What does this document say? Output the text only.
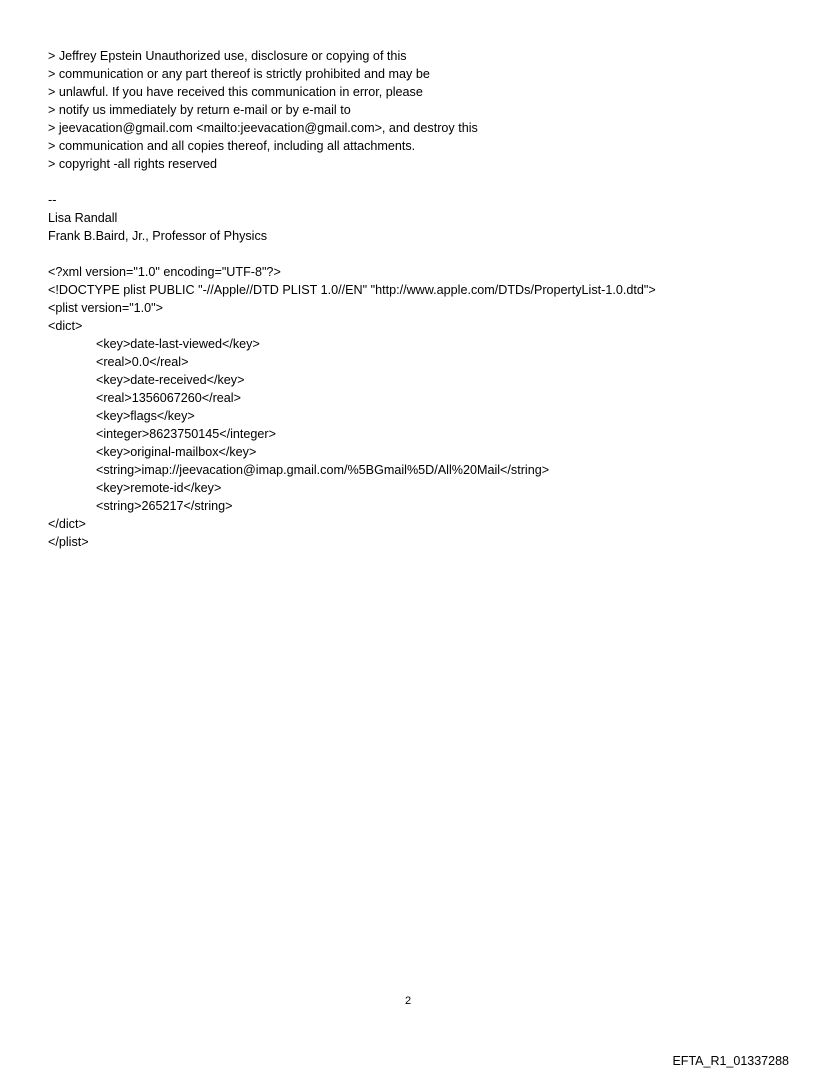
> Jeffrey Epstein Unauthorized use, disclosure or copying of this
> communication or any part thereof is strictly prohibited and may be
> unlawful. If you have received this communication in error, please
> notify us immediately by return e-mail or by e-mail to
> jeevacation@gmail.com <mailto:jeevacation@gmail.com>, and destroy this
> communication and all copies thereof, including all attachments.
> copyright -all rights reserved
--
Lisa Randall
Frank B.Baird, Jr., Professor of Physics
<?xml version="1.0" encoding="UTF-8"?>
<!DOCTYPE plist PUBLIC "-//Apple//DTD PLIST 1.0//EN" "http://www.apple.com/DTDs/PropertyList-1.0.dtd">
<plist version="1.0">
<dict>
<key>date-last-viewed</key>
<real>0.0</real>
<key>date-received</key>
<real>1356067260</real>
<key>flags</key>
<integer>8623750145</integer>
<key>original-mailbox</key>
<string>imap://jeevacation@imap.gmail.com/%5BGmail%5D/All%20Mail</string>
<key>remote-id</key>
<string>265217</string>
</dict>
</plist>
2
EFTA_R1_01337288
